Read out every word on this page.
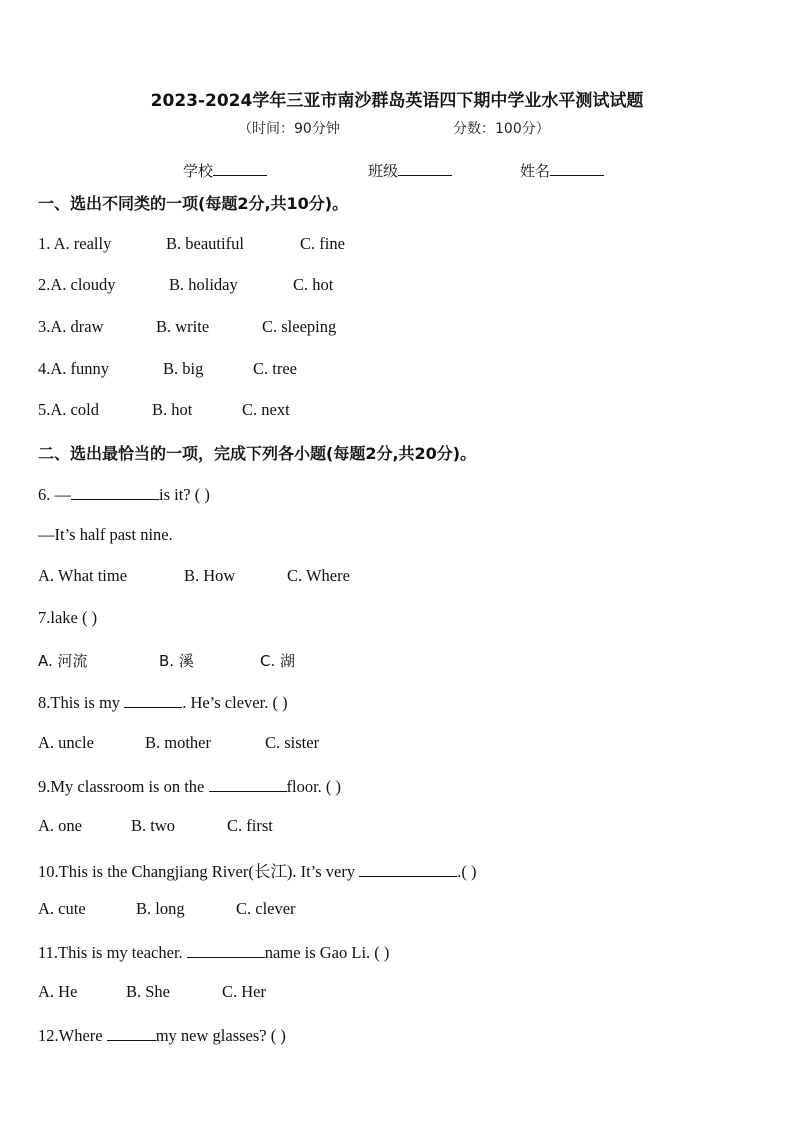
2023-2024学年三亚市南沙群岛英语四下期中学业水平测试试题
（时间：90分钟	分数：100分）
学校	班级	姓名
一、选出不同类的一项(每题2分,共10分)。
1. A. really	B. beautiful	C. fine
2.A. cloudy	B. holiday	C. hot
3.A. draw	B. write	C. sleeping
4.A. funny	B. big	C. tree
5.A. cold	B. hot	C. next
二、选出最恰当的一项，完成下列各小题(每题2分,共20分)。
6. —	is it? ( )
—It’s half past nine.
A. What time	B. How	C. Where
7.lake ( )
A. 河流	B. 溪	C. 湖
8.This is my	. He’s clever. ( )
A. uncle	B. mother	C. sister
9.My classroom is on the	floor. ( )
A. one	B. two	C. first
10.This is the Changjiang River(长江). It’s very	.( )
A. cute	B. long	C. clever
11.This is my teacher.	name is Gao Li. ( )
A. He	B. She	C. Her
12.Where	my new glasses? ( )
